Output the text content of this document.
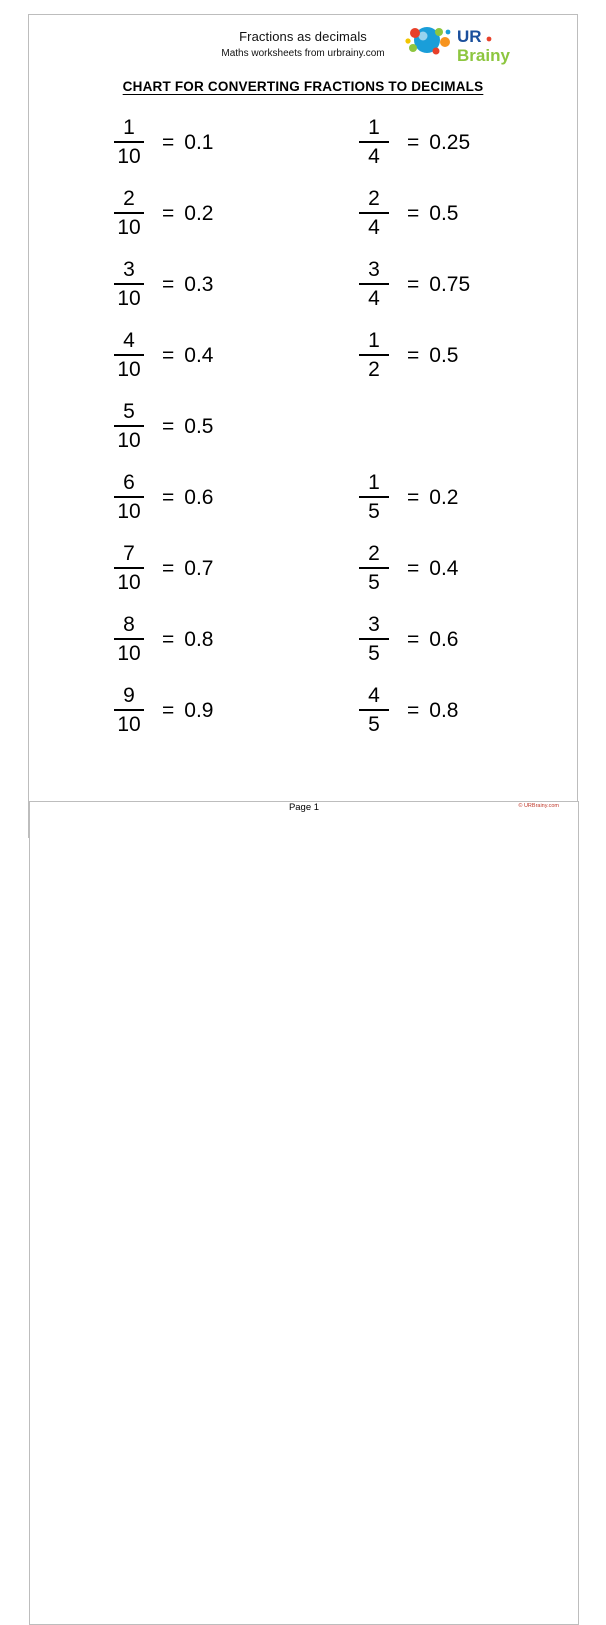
Fractions as decimals
Maths worksheets from urbrainy.com
UR
Brainy
CHART FOR CONVERTING FRACTIONS TO DECIMALS
$\frac{1}{10} = 0.1$	$\frac{1}{4} = 0.25$
$\frac{2}{10} = 0.2$	$\frac{2}{4} = 0.5$
$\frac{3}{10} = 0.3$	$\frac{3}{4} = 0.75$
$\frac{4}{10} = 0.4$	$\frac{1}{2} = 0.5$
$\frac{5}{10} = 0.5$
$\frac{6}{10} = 0.6$	$\frac{1}{5} = 0.2$
$\frac{7}{10} = 0.7$	$\frac{2}{5} = 0.4$
$\frac{8}{10} = 0.8$	$\frac{3}{5} = 0.6$
$\frac{9}{10} = 0.9$	$\frac{4}{5} = 0.8$
Page 1	© URBrainy.com
